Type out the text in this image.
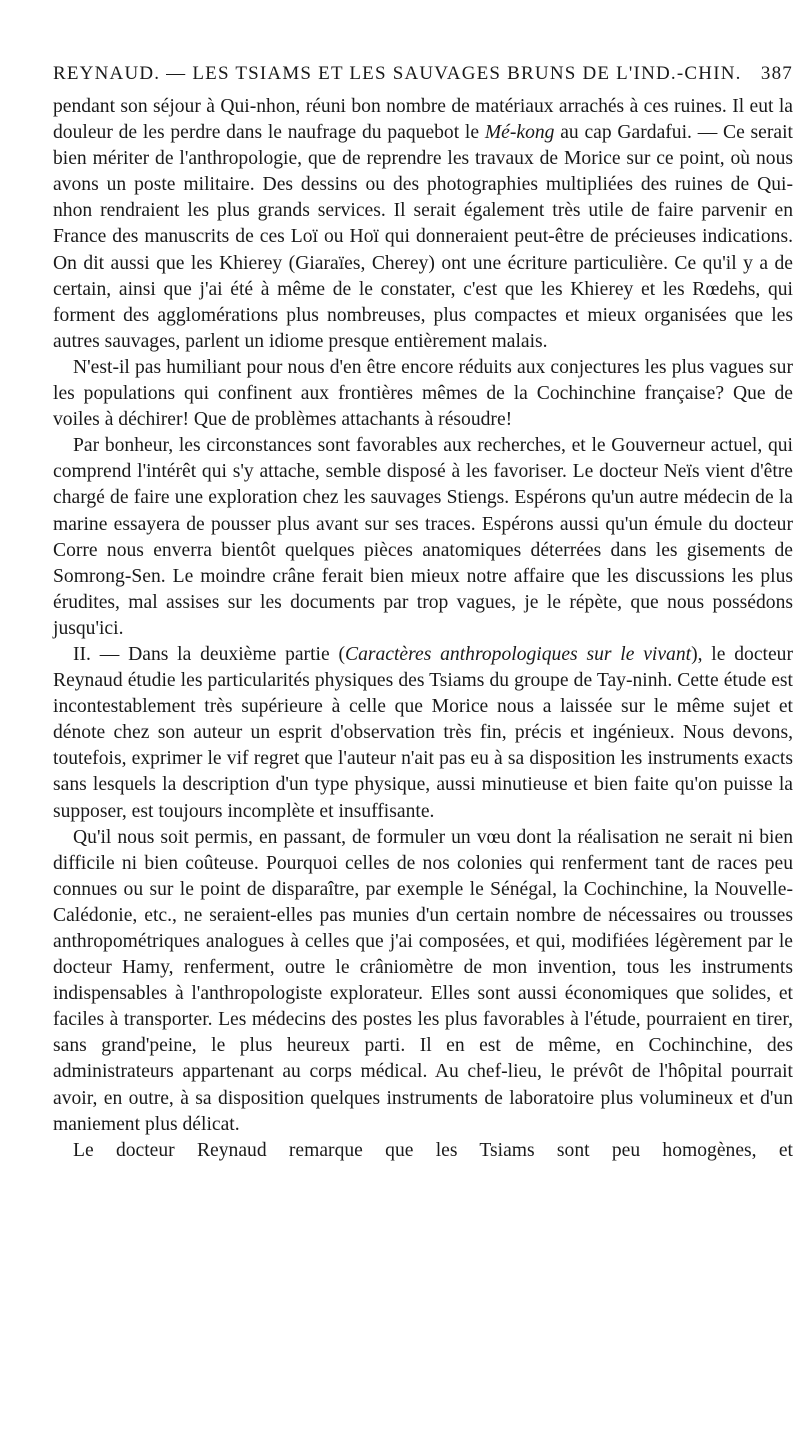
REYNAUD. — LES TSIAMS ET LES SAUVAGES BRUNS DE L'IND.-CHIN. 387

pendant son séjour à Qui-nhon, réuni bon nombre de matériaux arrachés à ces ruines. Il eut la douleur de les perdre dans le naufrage du paquebot le Mé-kong au cap Gardafui. — Ce serait bien mériter de l'anthropologie, que de reprendre les travaux de Morice sur ce point, où nous avons un poste militaire. Des dessins ou des photographies multipliées des ruines de Qui-nhon rendraient les plus grands services. Il serait également très utile de faire parvenir en France des manuscrits de ces Loï ou Hoï qui donneraient peut-être de précieuses indications. On dit aussi que les Khierey (Giaraïes, Cherey) ont une écriture particulière. Ce qu'il y a de certain, ainsi que j'ai été à même de le constater, c'est que les Khierey et les Rœdehs, qui forment des agglomérations plus nombreuses, plus compactes et mieux organisées que les autres sauvages, parlent un idiome presque entièrement malais.

N'est-il pas humiliant pour nous d'en être encore réduits aux conjectures les plus vagues sur les populations qui confinent aux frontières mêmes de la Cochinchine française? Que de voiles à déchirer! Que de problèmes attachants à résoudre!

Par bonheur, les circonstances sont favorables aux recherches, et le Gouverneur actuel, qui comprend l'intérêt qui s'y attache, semble disposé à les favoriser. Le docteur Neïs vient d'être chargé de faire une exploration chez les sauvages Stiengs. Espérons qu'un autre médecin de la marine essayera de pousser plus avant sur ses traces. Espérons aussi qu'un émule du docteur Corre nous enverra bientôt quelques pièces anatomiques déterrées dans les gisements de Somrong-Sen. Le moindre crâne ferait bien mieux notre affaire que les discussions les plus érudites, mal assises sur les documents par trop vagues, je le répète, que nous possédons jusqu'ici.

II. — Dans la deuxième partie (Caractères anthropologiques sur le vivant), le docteur Reynaud étudie les particularités physiques des Tsiams du groupe de Tay-ninh. Cette étude est incontestablement très supérieure à celle que Morice nous a laissée sur le même sujet et dénote chez son auteur un esprit d'observation très fin, précis et ingénieux. Nous devons, toutefois, exprimer le vif regret que l'auteur n'ait pas eu à sa disposition les instruments exacts sans lesquels la description d'un type physique, aussi minutieuse et bien faite qu'on puisse la supposer, est toujours incomplète et insuffisante.

Qu'il nous soit permis, en passant, de formuler un vœu dont la réalisation ne serait ni bien difficile ni bien coûteuse. Pourquoi celles de nos colonies qui renferment tant de races peu connues ou sur le point de disparaître, par exemple le Sénégal, la Cochinchine, la Nouvelle-Calédonie, etc., ne seraient-elles pas munies d'un certain nombre de nécessaires ou trousses anthropométriques analogues à celles que j'ai composées, et qui, modifiées légèrement par le docteur Hamy, renferment, outre le crâniomètre de mon invention, tous les instruments indispensables à l'anthropologiste explorateur. Elles sont aussi économiques que solides, et faciles à transporter. Les médecins des postes les plus favorables à l'étude, pourraient en tirer, sans grand'peine, le plus heureux parti. Il en est de même, en Cochinchine, des administrateurs appartenant au corps médical. Au chef-lieu, le prévôt de l'hôpital pourrait avoir, en outre, à sa disposition quelques instruments de laboratoire plus volumineux et d'un maniement plus délicat.

Le docteur Reynaud remarque que les Tsiams sont peu homogènes, et
